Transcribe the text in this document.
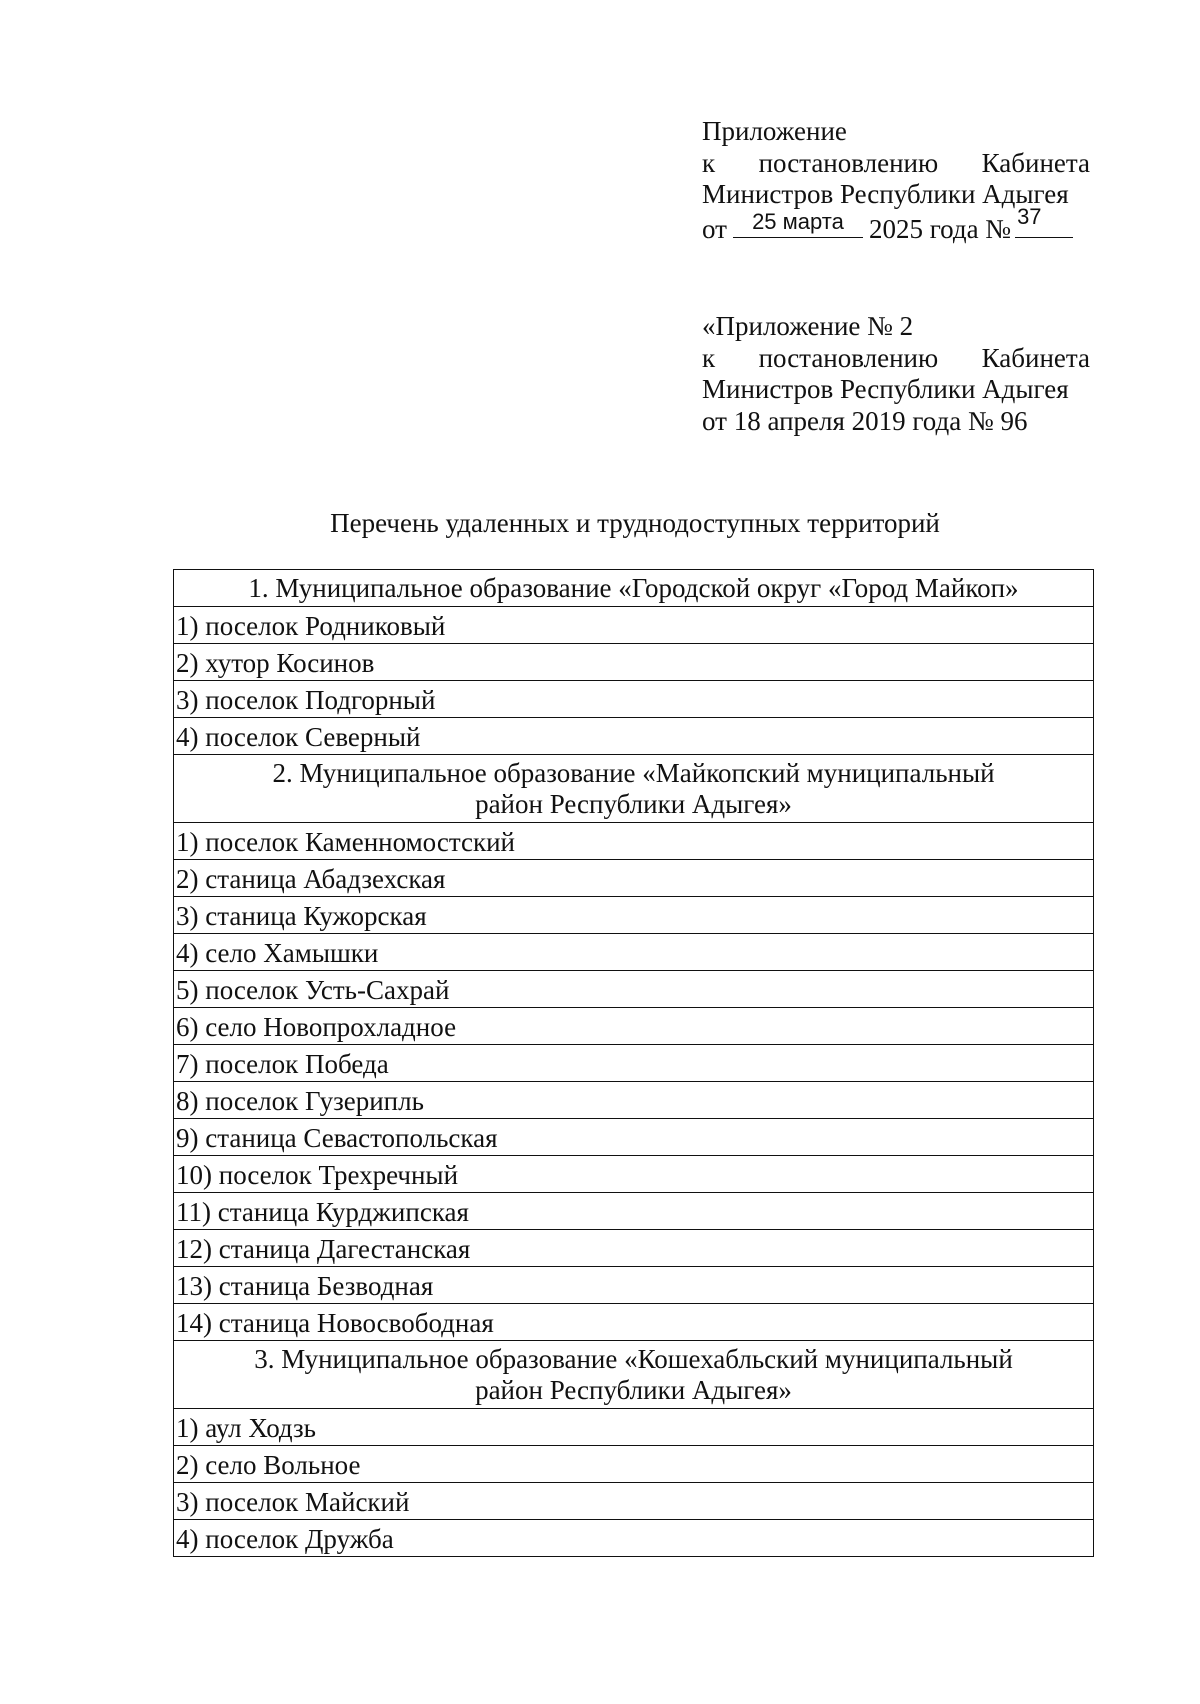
Приложение
к постановлению Кабинета
Министров Республики Адыгея
от	25 марта 2025 года № 37
«Приложение № 2
к постановлению Кабинета
Министров Республики Адыгея
от 18 апреля 2019 года № 96
Перечень удаленных и труднодоступных территорий
1. Муниципальное образование «Городской округ «Город Майкоп»
1) поселок Родниковый
2) хутор Косинов
3) поселок Подгорный
4) поселок Северный
2. Муниципальное образование «Майкопский муниципальный
район Республики Адыгея»
1) поселок Каменномостский
2) станица Абадзехская
3) станица Кужорская
4) село Хамышки
5) поселок Усть-Сахрай
6) село Новопрохладное
7) поселок Победа
8) поселок Гузерипль
9) станица Севастопольская
10) поселок Трехречный
11) станица Курджипская
12) станица Дагестанская
13) станица Безводная
14) станица Новосвободная
3. Муниципальное образование «Кошехабльский муниципальный
район Республики Адыгея»
1) аул Ходзь
2) село Вольное
3) поселок Майский
4) поселок Дружба
